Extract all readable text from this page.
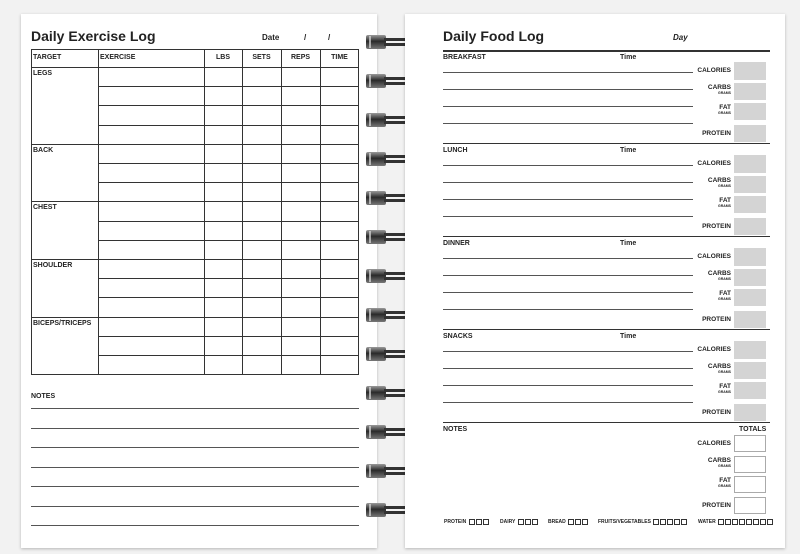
Daily Exercise Log	Date	/	/
TARGET	EXERCISE	LBS	SETS	REPS	TIME
LEGS
BACK
CHEST
SHOULDER
BICEPS/TRICEPS
NOTES
Daily Food Log	Day
BREAKFAST	Time
CALORIES
CARBS
GRAMS
FAT
GRAMS
PROTEIN
LUNCH	Time
CALORIES
CARBS
GRAMS
FAT
GRAMS
PROTEIN
DINNER	Time
CALORIES
CARBS
GRAMS
FAT
GRAMS
PROTEIN
SNACKS	Time
CALORIES
CARBS
GRAMS
FAT
GRAMS
PROTEIN
NOTES	TOTALS
CALORIES
CARBS
GRAMS
FAT
GRAMS
PROTEIN
PROTEIN	DAIRY	BREAD	FRUITS/VEGETABLES	WATER
